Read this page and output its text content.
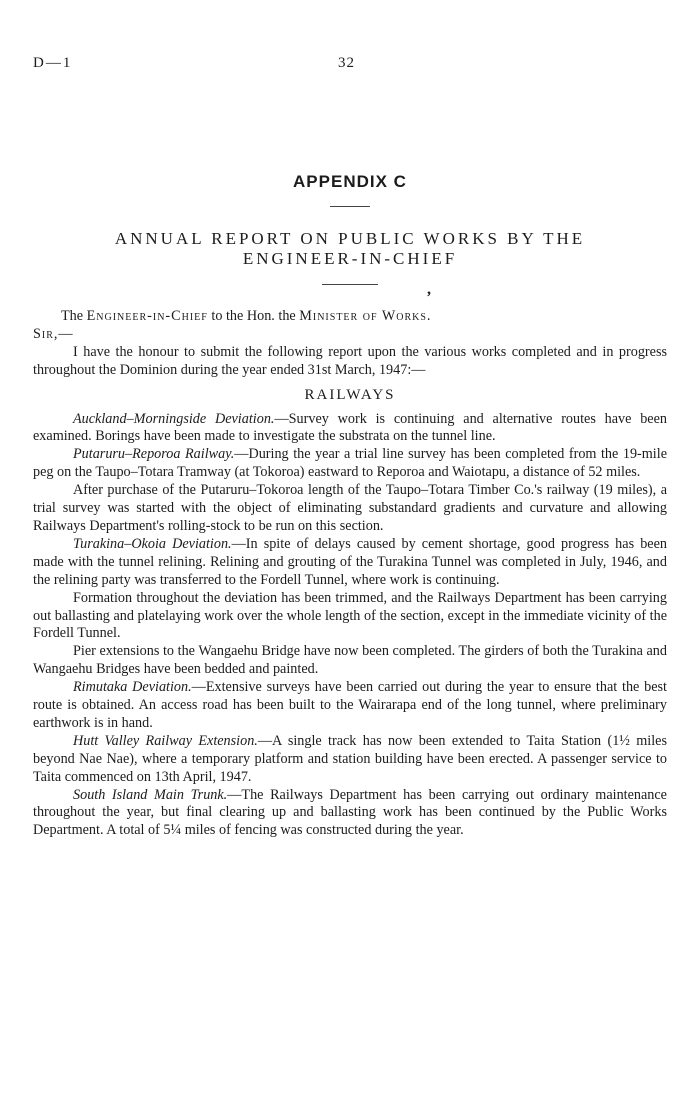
D—1	32
APPENDIX C
ANNUAL REPORT ON PUBLIC WORKS BY THE
ENGINEER-IN-CHIEF
,

The Engineer-in-Chief to the Hon. the Minister of Works.

Sir,—

I have the honour to submit the following report upon the various works completed and in progress throughout the Dominion during the year ended 31st March, 1947:—

RAILWAYS

Auckland–Morningside Deviation.—Survey work is continuing and alternative routes have been examined. Borings have been made to investigate the substrata on the tunnel line.

Putaruru–Reporoa Railway.—During the year a trial line survey has been completed from the 19-mile peg on the Taupo–Totara Tramway (at Tokoroa) eastward to Reporoa and Waiotapu, a distance of 52 miles.

After purchase of the Putaruru–Tokoroa length of the Taupo–Totara Timber Co.'s railway (19 miles), a trial survey was started with the object of eliminating substandard gradients and curvature and allowing Railways Department's rolling-stock to be run on this section.

Turakina–Okoia Deviation.—In spite of delays caused by cement shortage, good progress has been made with the tunnel relining. Relining and grouting of the Turakina Tunnel was completed in July, 1946, and the relining party was transferred to the Fordell Tunnel, where work is continuing.

Formation throughout the deviation has been trimmed, and the Railways Department has been carrying out ballasting and platelaying work over the whole length of the section, except in the immediate vicinity of the Fordell Tunnel.

Pier extensions to the Wangaehu Bridge have now been completed. The girders of both the Turakina and Wangaehu Bridges have been bedded and painted.

Rimutaka Deviation.—Extensive surveys have been carried out during the year to ensure that the best route is obtained. An access road has been built to the Wairarapa end of the long tunnel, where preliminary earthwork is in hand.

Hutt Valley Railway Extension.—A single track has now been extended to Taita Station (1½ miles beyond Nae Nae), where a temporary platform and station building have been erected. A passenger service to Taita commenced on 13th April, 1947.

South Island Main Trunk.—The Railways Department has been carrying out ordinary maintenance throughout the year, but final clearing up and ballasting work has been continued by the Public Works Department. A total of 5¼ miles of fencing was constructed during the year.
